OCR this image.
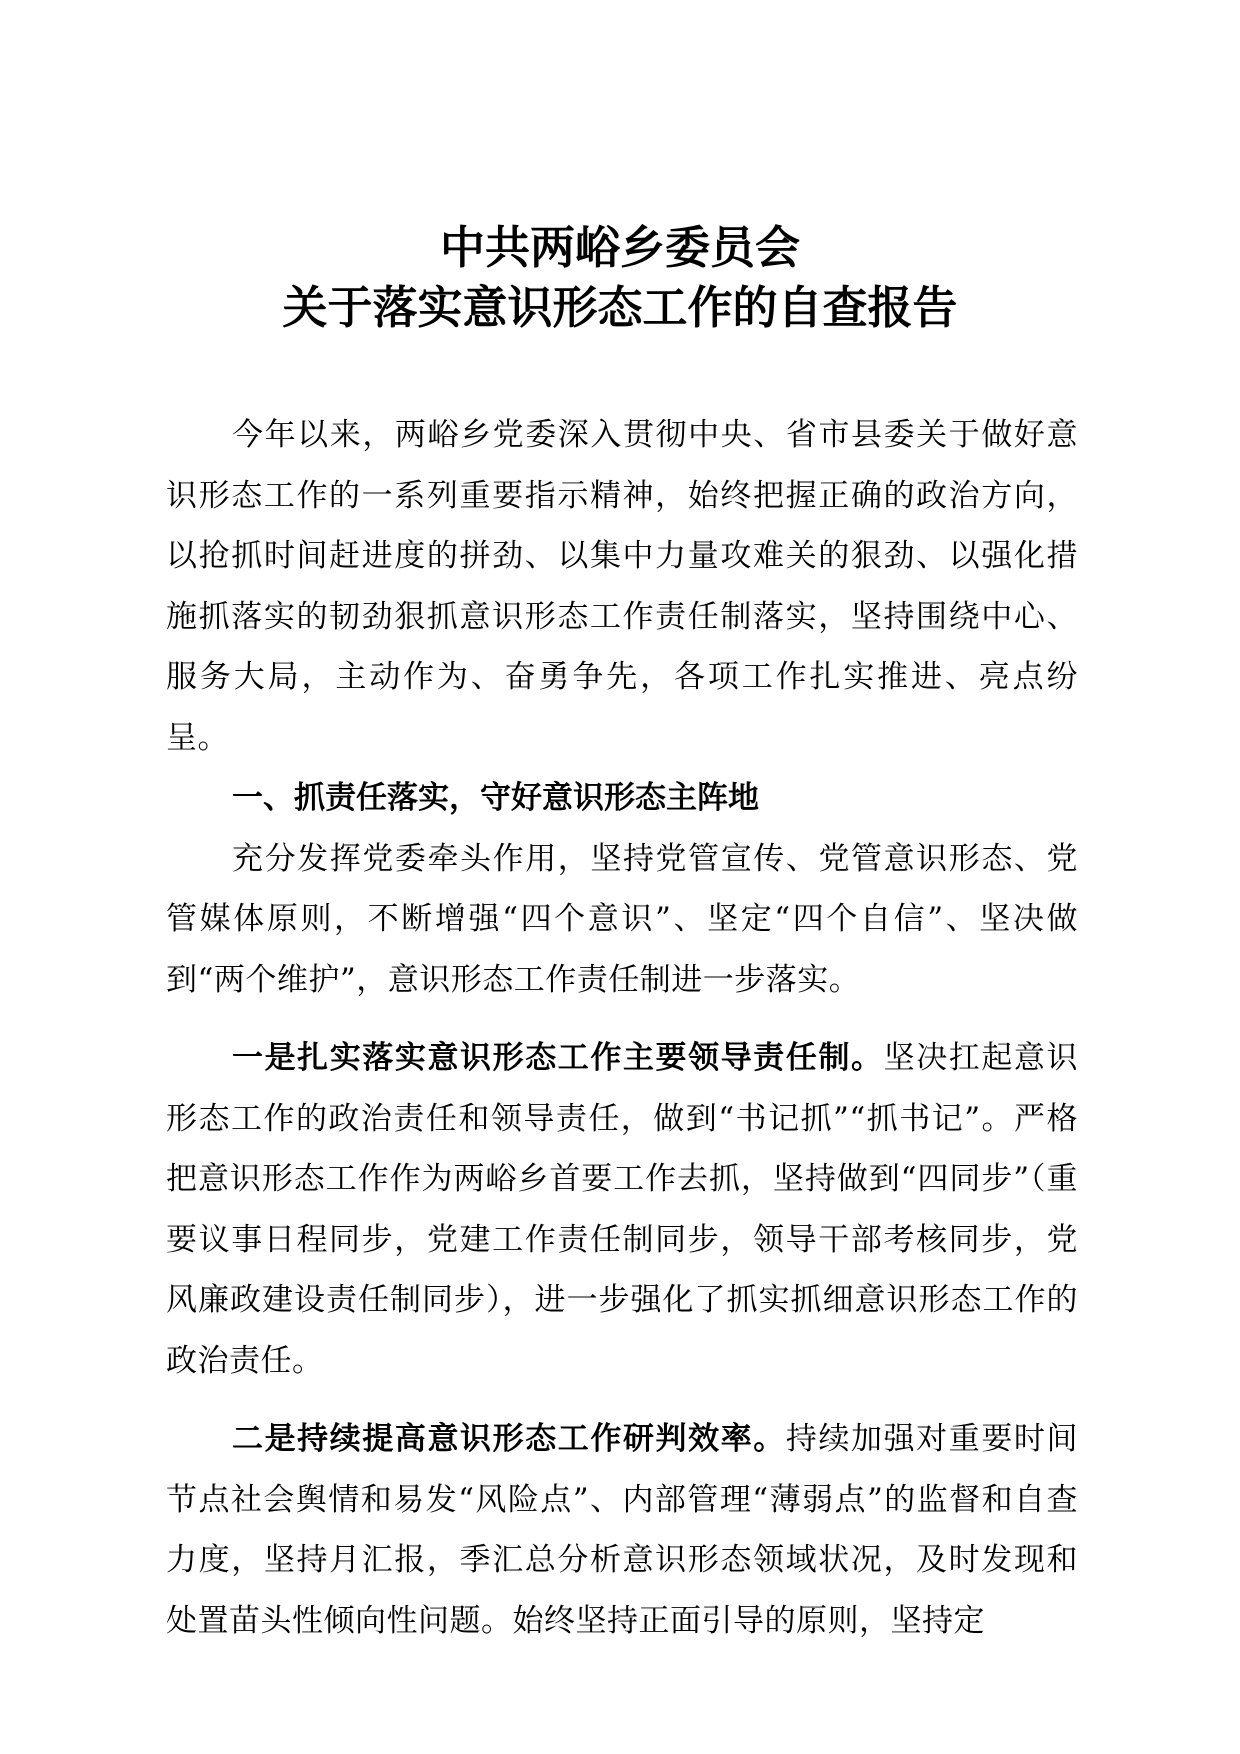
中共两峪乡委员会
关于落实意识形态工作的自查报告

今年以来，两峪乡党委深入贯彻中央、省市县委关于做好意识形态工作的一系列重要指示精神，始终把握正确的政治方向，以抢抓时间赶进度的拼劲、以集中力量攻难关的狠劲、以强化措施抓落实的韧劲狠抓意识形态工作责任制落实，坚持围绕中心、服务大局，主动作为、奋勇争先，各项工作扎实推进、亮点纷呈。

一、抓责任落实，守好意识形态主阵地

充分发挥党委牵头作用，坚持党管宣传、党管意识形态、党管媒体原则，不断增强“四个意识”、坚定“四个自信”、坚决做到“两个维护”，意识形态工作责任制进一步落实。

一是扎实落实意识形态工作主要领导责任制。坚决扛起意识形态工作的政治责任和领导责任，做到“书记抓”“抓书记”。严格把意识形态工作作为两峪乡首要工作去抓，坚持做到“四同步”（重要议事日程同步，党建工作责任制同步，领导干部考核同步，党风廉政建设责任制同步），进一步强化了抓实抓细意识形态工作的政治责任。

二是持续提高意识形态工作研判效率。持续加强对重要时间节点社会舆情和易发“风险点”、内部管理“薄弱点”的监督和自查力度，坚持月汇报，季汇总分析意识形态领域状况，及时发现和处置苗头性倾向性问题。始终坚持正面引导的原则，坚持定
